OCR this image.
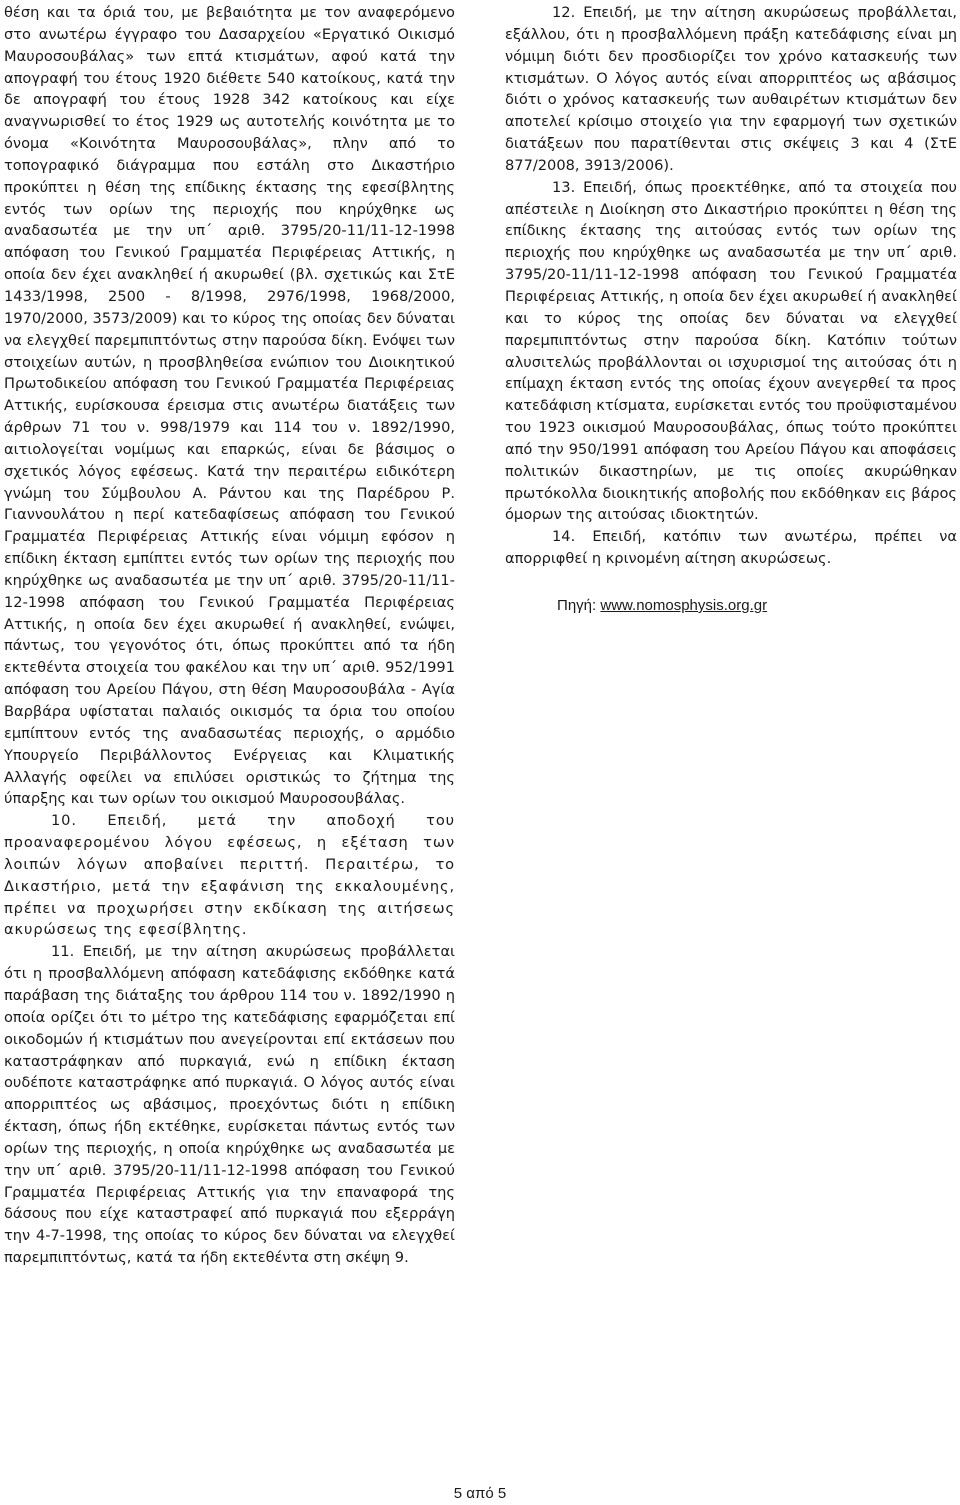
θέση και τα όριά του, με βεβαιότητα με τον αναφερόμενο στο ανωτέρω έγγραφο του Δασαρχείου «Εργατικό Οικισμό Μαυροσουβάλας» των επτά κτισμάτων, αφού κατά την απογραφή του έτους 1920 διέθετε 540 κατοίκους, κατά την δε απογραφή του έτους 1928 342 κατοίκους και είχε αναγνωρισθεί το έτος 1929 ως αυτοτελής κοινότητα με το όνομα «Κοινότητα Μαυροσουβάλας», πλην από το τοπογραφικό διάγραμμα που εστάλη στο Δικαστήριο προκύπτει η θέση της επίδικης έκτασης της εφεσίβλητης εντός των ορίων της περιοχής που κηρύχθηκε ως αναδασωτέα με την υπ΄ αριθ. 3795/20-11/11-12-1998 απόφαση του Γενικού Γραμματέα Περιφέρειας Αττικής, η οποία δεν έχει ανακληθεί ή ακυρωθεί (βλ. σχετικώς και ΣτΕ 1433/1998, 2500 - 8/1998, 2976/1998, 1968/2000, 1970/2000, 3573/2009) και το κύρος της οποίας δεν δύναται να ελεγχθεί παρεμπιπτόντως στην παρούσα δίκη. Ενόψει των στοιχείων αυτών, η προσβληθείσα ενώπιον του Διοικητικού Πρωτοδικείου απόφαση του Γενικού Γραμματέα Περιφέρειας Αττικής, ευρίσκουσα έρεισμα στις ανωτέρω διατάξεις των άρθρων 71 του ν. 998/1979 και 114 του ν. 1892/1990, αιτιολογείται νομίμως και επαρκώς, είναι δε βάσιμος ο σχετικός λόγος εφέσεως. Κατά την περαιτέρω ειδικότερη γνώμη του Σύμβουλου Α. Ράντου και της Παρέδρου Ρ. Γιαννουλάτου η περί κατεδαφίσεως απόφαση του Γενικού Γραμματέα Περιφέρειας Αττικής είναι νόμιμη εφόσον η επίδικη έκταση εμπίπτει εντός των ορίων της περιοχής που κηρύχθηκε ως αναδασωτέα με την υπ΄ αριθ. 3795/20-11/11-12-1998 απόφαση του Γενικού Γραμματέα Περιφέρειας Αττικής, η οποία δεν έχει ακυρωθεί ή ανακληθεί, ενώψει, πάντως, του γεγονότος ότι, όπως προκύπτει από τα ήδη εκτεθέντα στοιχεία του φακέλου και την υπ΄ αριθ. 952/1991 απόφαση του Αρείου Πάγου, στη θέση Μαυροσουβάλα - Αγία Βαρβάρα υφίσταται παλαιός οικισμός τα όρια του οποίου εμπίπτουν εντός της αναδασωτέας περιοχής, ο αρμόδιο Υπουργείο Περιβάλλοντος Ενέργειας και Κλιματικής Αλλαγής οφείλει να επιλύσει οριστικώς το ζήτημα της ύπαρξης και των ορίων του οικισμού Μαυροσουβάλας.

10. Επειδή, μετά την αποδοχή του προαναφερομένου λόγου εφέσεως, η εξέταση των λοιπών λόγων αποβαίνει περιττή. Περαιτέρω, το Δικαστήριο, μετά την εξαφάνιση της εκκαλουμένης, πρέπει να προχωρήσει στην εκδίκαση της αιτήσεως ακυρώσεως της εφεσίβλητης.

11. Επειδή, με την αίτηση ακυρώσεως προβάλλεται ότι η προσβαλλόμενη απόφαση κατεδάφισης εκδόθηκε κατά παράβαση της διάταξης του άρθρου 114 του ν. 1892/1990 η οποία ορίζει ότι το μέτρο της κατεδάφισης εφαρμόζεται επί οικοδομών ή κτισμάτων που ανεγείρονται επί εκτάσεων που καταστράφηκαν από πυρκαγιά, ενώ η επίδικη έκταση ουδέποτε καταστράφηκε από πυρκαγιά. Ο λόγος αυτός είναι απορριπτέος ως αβάσιμος, προεχόντως διότι η επίδικη έκταση, όπως ήδη εκτέθηκε, ευρίσκεται πάντως εντός των ορίων της περιοχής, η οποία κηρύχθηκε ως αναδασωτέα με την υπ΄ αριθ. 3795/20-11/11-12-1998 απόφαση του Γενικού Γραμματέα Περιφέρειας Αττικής για την επαναφορά της δάσους που είχε καταστραφεί από πυρκαγιά που εξερράγη την 4-7-1998, της οποίας το κύρος δεν δύναται να ελεγχθεί παρεμπιπτόντως, κατά τα ήδη εκτεθέντα στη σκέψη 9.

12. Επειδή, με την αίτηση ακυρώσεως προβάλλεται, εξάλλου, ότι η προσβαλλόμενη πράξη κατεδάφισης είναι μη νόμιμη διότι δεν προσδιορίζει τον χρόνο κατασκευής των κτισμάτων. Ο λόγος αυτός είναι απορριπτέος ως αβάσιμος διότι ο χρόνος κατασκευής των αυθαιρέτων κτισμάτων δεν αποτελεί κρίσιμο στοιχείο για την εφαρμογή των σχετικών διατάξεων που παρατίθενται στις σκέψεις 3 και 4 (ΣτΕ 877/2008, 3913/2006).

13. Επειδή, όπως προεκτέθηκε, από τα στοιχεία που απέστειλε η Διοίκηση στο Δικαστήριο προκύπτει η θέση της επίδικης έκτασης της αιτούσας εντός των ορίων της περιοχής που κηρύχθηκε ως αναδασωτέα με την υπ΄ αριθ. 3795/20-11/11-12-1998 απόφαση του Γενικού Γραμματέα Περιφέρειας Αττικής, η οποία δεν έχει ακυρωθεί ή ανακληθεί και το κύρος της οποίας δεν δύναται να ελεγχθεί παρεμπιπτόντως στην παρούσα δίκη. Κατόπιν τούτων αλυσιτελώς προβάλλονται οι ισχυρισμοί της αιτούσας ότι η επίμαχη έκταση εντός της οποίας έχουν ανεγερθεί τα προς κατεδάφιση κτίσματα, ευρίσκεται εντός του προϋφισταμένου του 1923 οικισμού Μαυροσουβάλας, όπως τούτο προκύπτει από την 950/1991 απόφαση του Αρείου Πάγου και αποφάσεις πολιτικών δικαστηρίων, με τις οποίες ακυρώθηκαν πρωτόκολλα διοικητικής αποβολής που εκδόθηκαν εις βάρος όμορων της αιτούσας ιδιοκτητών.

14. Επειδή, κατόπιν των ανωτέρω, πρέπει να απορριφθεί η κρινομένη αίτηση ακυρώσεως.

Πηγή: www.nomosphysis.org.gr

5 από 5
